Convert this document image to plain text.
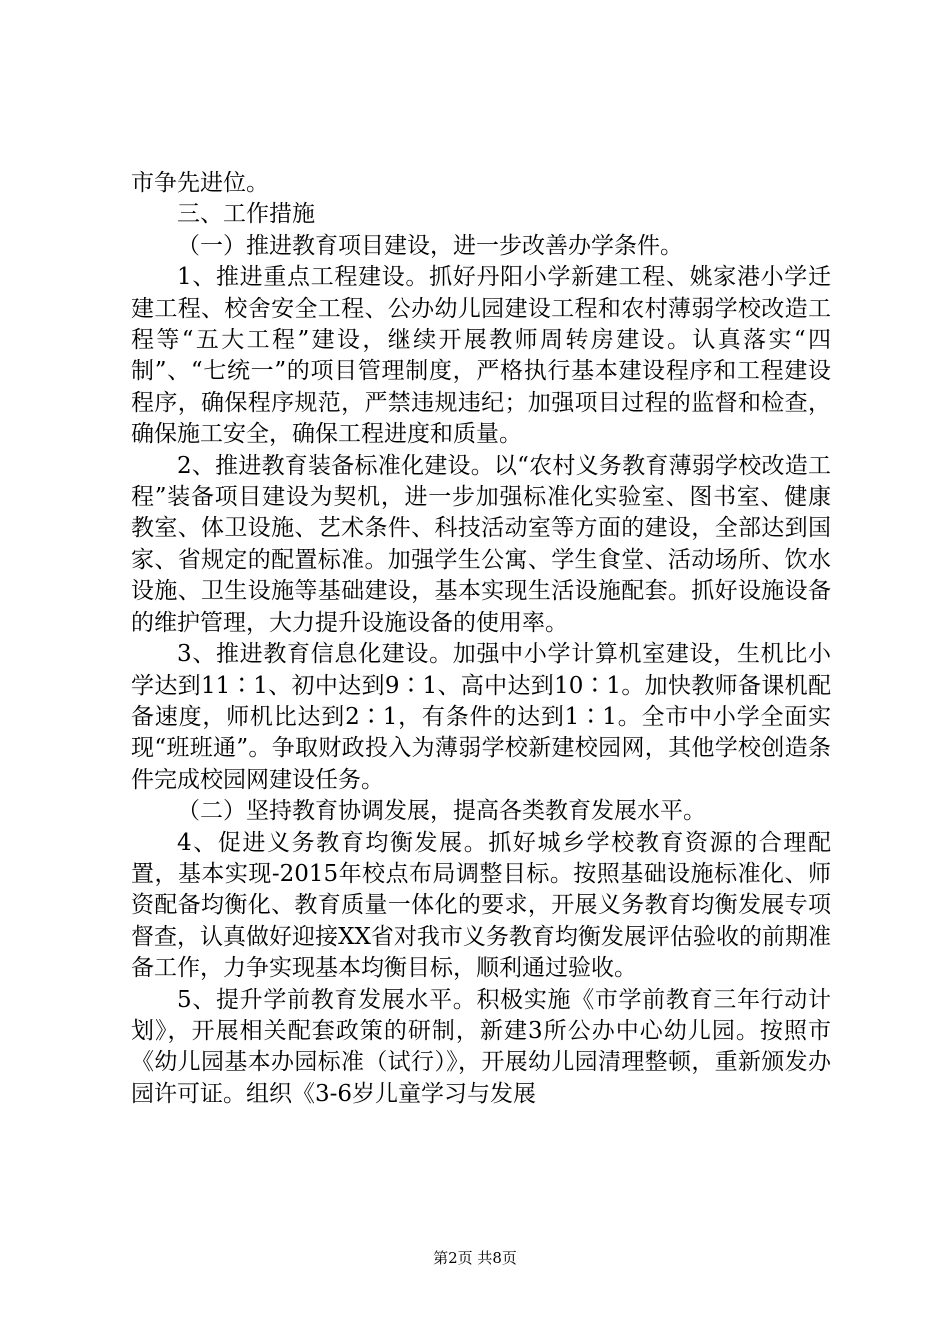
市争先进位。

三、工作措施

（一）推进教育项目建设，进一步改善办学条件。

1、推进重点工程建设。抓好丹阳小学新建工程、姚家港小学迁建工程、校舍安全工程、公办幼儿园建设工程和农村薄弱学校改造工程等“五大工程”建设，继续开展教师周转房建设。认真落实“四制”、“七统一”的项目管理制度，严格执行基本建设程序和工程建设程序，确保程序规范，严禁违规违纪；加强项目过程的监督和检查，确保施工安全，确保工程进度和质量。

2、推进教育装备标准化建设。以“农村义务教育薄弱学校改造工程”装备项目建设为契机，进一步加强标准化实验室、图书室、健康教室、体卫设施、艺术条件、科技活动室等方面的建设，全部达到国家、省规定的配置标准。加强学生公寓、学生食堂、活动场所、饮水设施、卫生设施等基础建设，基本实现生活设施配套。抓好设施设备的维护管理，大力提升设施设备的使用率。

3、推进教育信息化建设。加强中小学计算机室建设，生机比小学达到11∶1、初中达到9∶1、高中达到10∶1。加快教师备课机配备速度，师机比达到2∶1，有条件的达到1∶1。全市中小学全面实现“班班通”。争取财政投入为薄弱学校新建校园网，其他学校创造条件完成校园网建设任务。

（二）坚持教育协调发展，提高各类教育发展水平。

4、促进义务教育均衡发展。抓好城乡学校教育资源的合理配置，基本实现-2015年校点布局调整目标。按照基础设施标准化、师资配备均衡化、教育质量一体化的要求，开展义务教育均衡发展专项督查，认真做好迎接XX省对我市义务教育均衡发展评估验收的前期准备工作，力争实现基本均衡目标，顺利通过验收。

5、提升学前教育发展水平。积极实施《市学前教育三年行动计划》，开展相关配套政策的研制，新建3所公办中心幼儿园。按照市《幼儿园基本办园标准（试行）》，开展幼儿园清理整顿，重新颁发办园许可证。组织《3-6岁儿童学习与发展

第2页 共8页
